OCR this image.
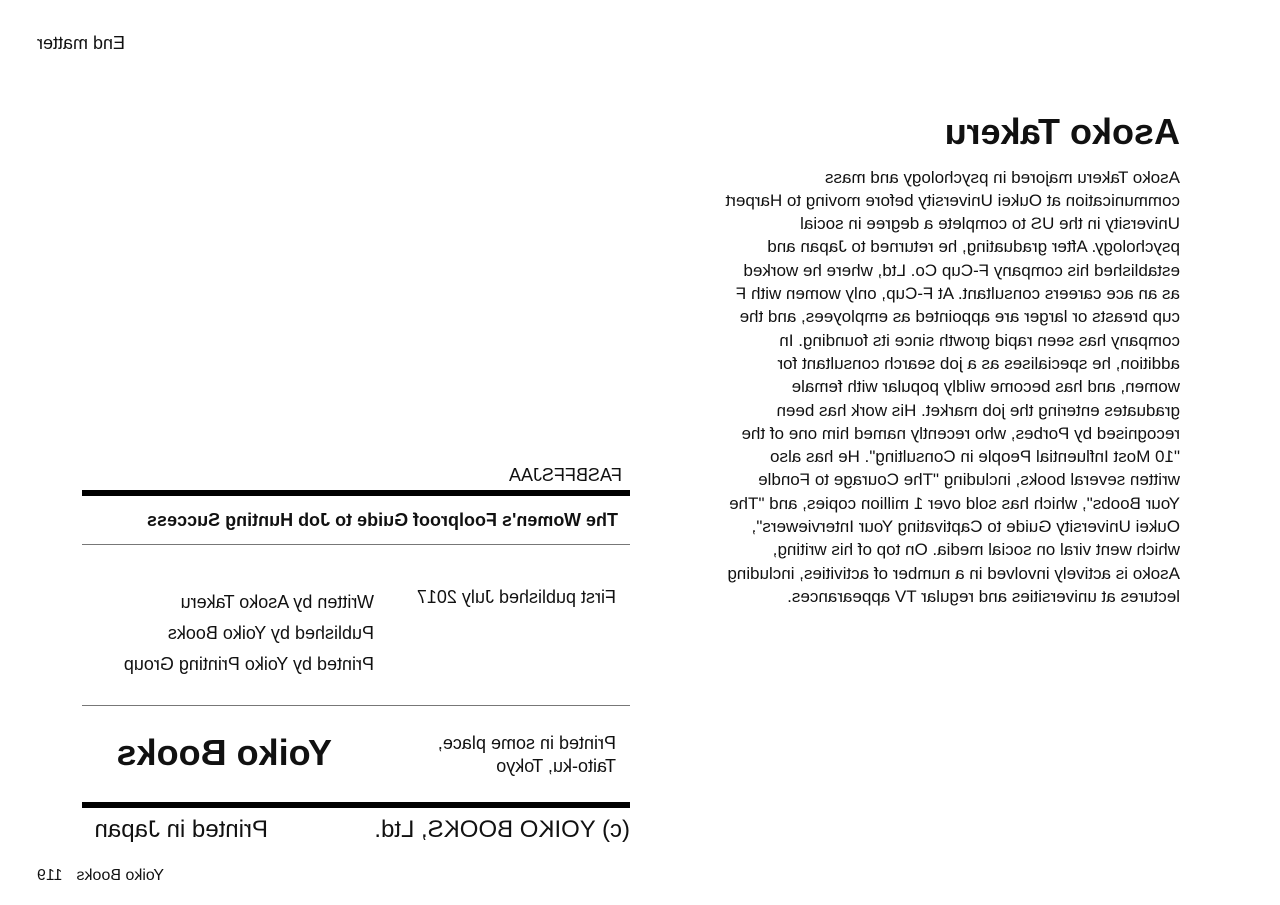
End matter
Asoko Takeru

Asoko Takeru majored in psychology and mass communication at Oukei University before moving to Harpert University in the US to complete a degree in social psychology. After graduating, he returned to Japan and established his company F-Cup Co. Ltd, where he worked as an ace careers consultant. At F-Cup, only women with F cup breasts or larger are appointed as employees, and the company has seen rapid growth since its founding. In addition, he specialises as a job search consultant for women, and has become wildly popular with female graduates entering the job market. His work has been recognised by Porbes, who recently named him one of the "10 Most Influential People in Consulting". He has also written several books, including "The Courage to Fondle Your Boobs", which has sold over 1 million copies, and "The Oukei University Guide to Captivating Your Interviewers", which went viral on social media. On top of his writing, Asoko is actively involved in a number of activities, including lectures at universities and regular TV appearances.

FASBFFSJAA
The Women's Foolproof Guide to Job Hunting Success
First published July 2017
Written by Asoko Takeru
Published by Yoiko Books
Printed by Yoiko Printing Group
Printed in some place,
Taito-ku, Tokyo
Yoiko Books
(c) YOIKO BOOKS, Ltd.
Printed in Japan
Yoiko Books119
